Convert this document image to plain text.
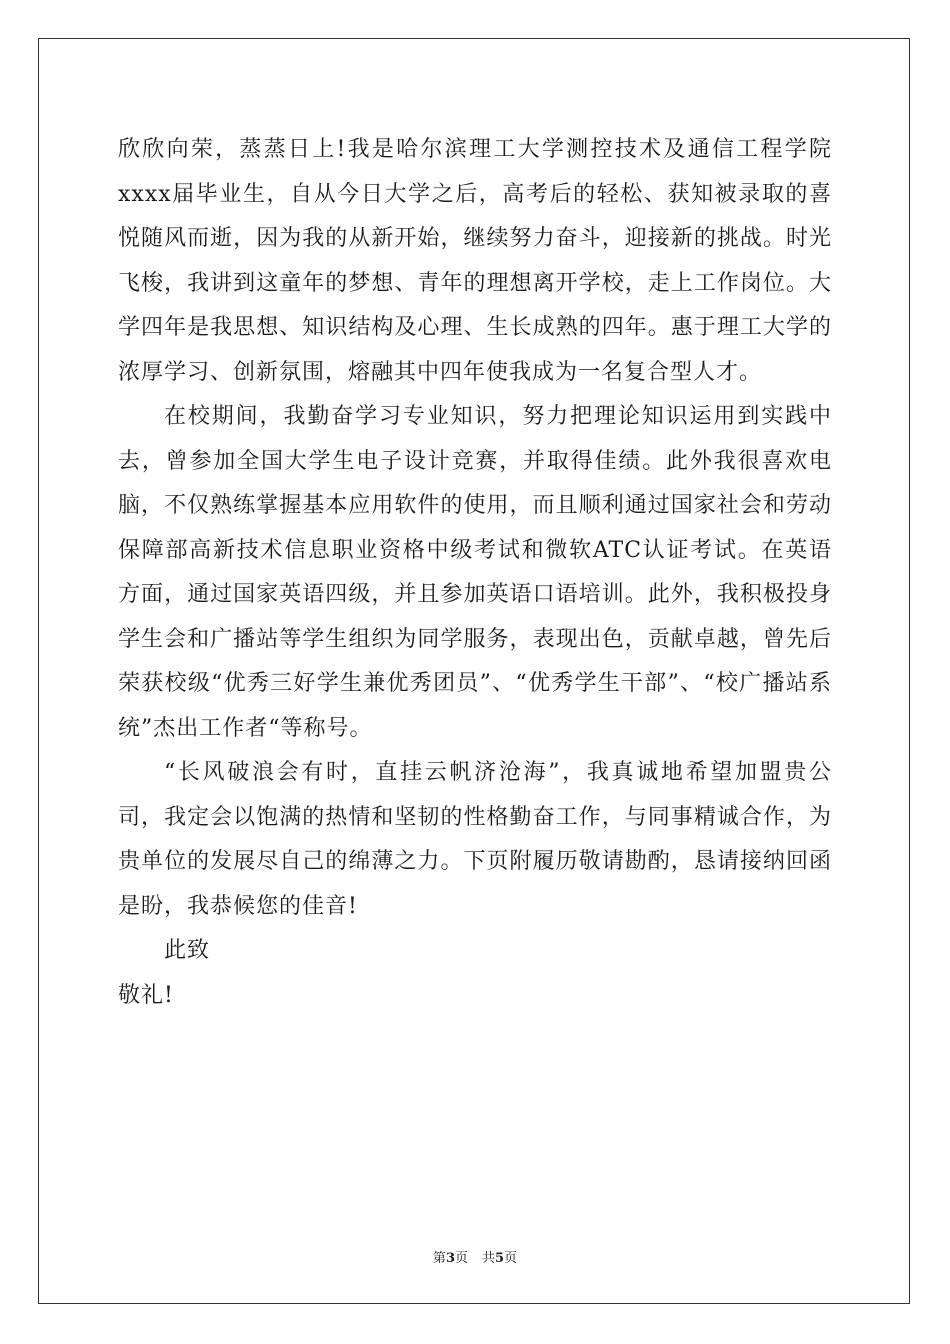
欣欣向荣，蒸蒸日上!我是哈尔滨理工大学测控技术及通信工程学院xxxx届毕业生，自从今日大学之后，高考后的轻松、获知被录取的喜悦随风而逝，因为我的从新开始，继续努力奋斗，迎接新的挑战。时光飞梭，我讲到这童年的梦想、青年的理想离开学校，走上工作岗位。大学四年是我思想、知识结构及心理、生长成熟的四年。惠于理工大学的浓厚学习、创新氛围，熔融其中四年使我成为一名复合型人才。

在校期间，我勤奋学习专业知识，努力把理论知识运用到实践中去，曾参加全国大学生电子设计竞赛，并取得佳绩。此外我很喜欢电脑，不仅熟练掌握基本应用软件的使用，而且顺利通过国家社会和劳动保障部高新技术信息职业资格中级考试和微软ATC认证考试。在英语方面，通过国家英语四级，并且参加英语口语培训。此外，我积极投身学生会和广播站等学生组织为同学服务，表现出色，贡献卓越，曾先后荣获校级“优秀三好学生兼优秀团员”、“优秀学生干部”、“校广播站系统”杰出工作者“等称号。

“长风破浪会有时，直挂云帆济沧海”，我真诚地希望加盟贵公司，我定会以饱满的热情和坚韧的性格勤奋工作，与同事精诚合作，为贵单位的发展尽自己的绵薄之力。下页附履历敬请勘酌，恳请接纳回函是盼，我恭候您的佳音!

此致

敬礼!

第3页 共5页
